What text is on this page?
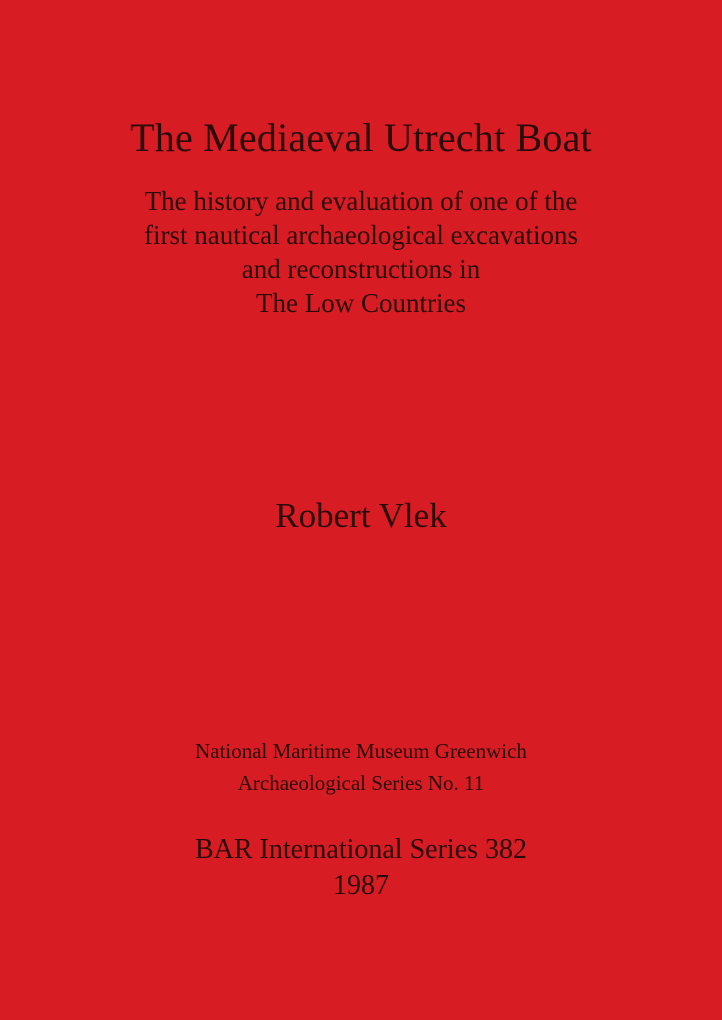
The Mediaeval Utrecht Boat
The history and evaluation of one of the
first nautical archaeological excavations
and reconstructions in
The Low Countries
Robert Vlek
National Maritime Museum Greenwich
Archaeological Series No. 11
BAR International Series 382
1987
